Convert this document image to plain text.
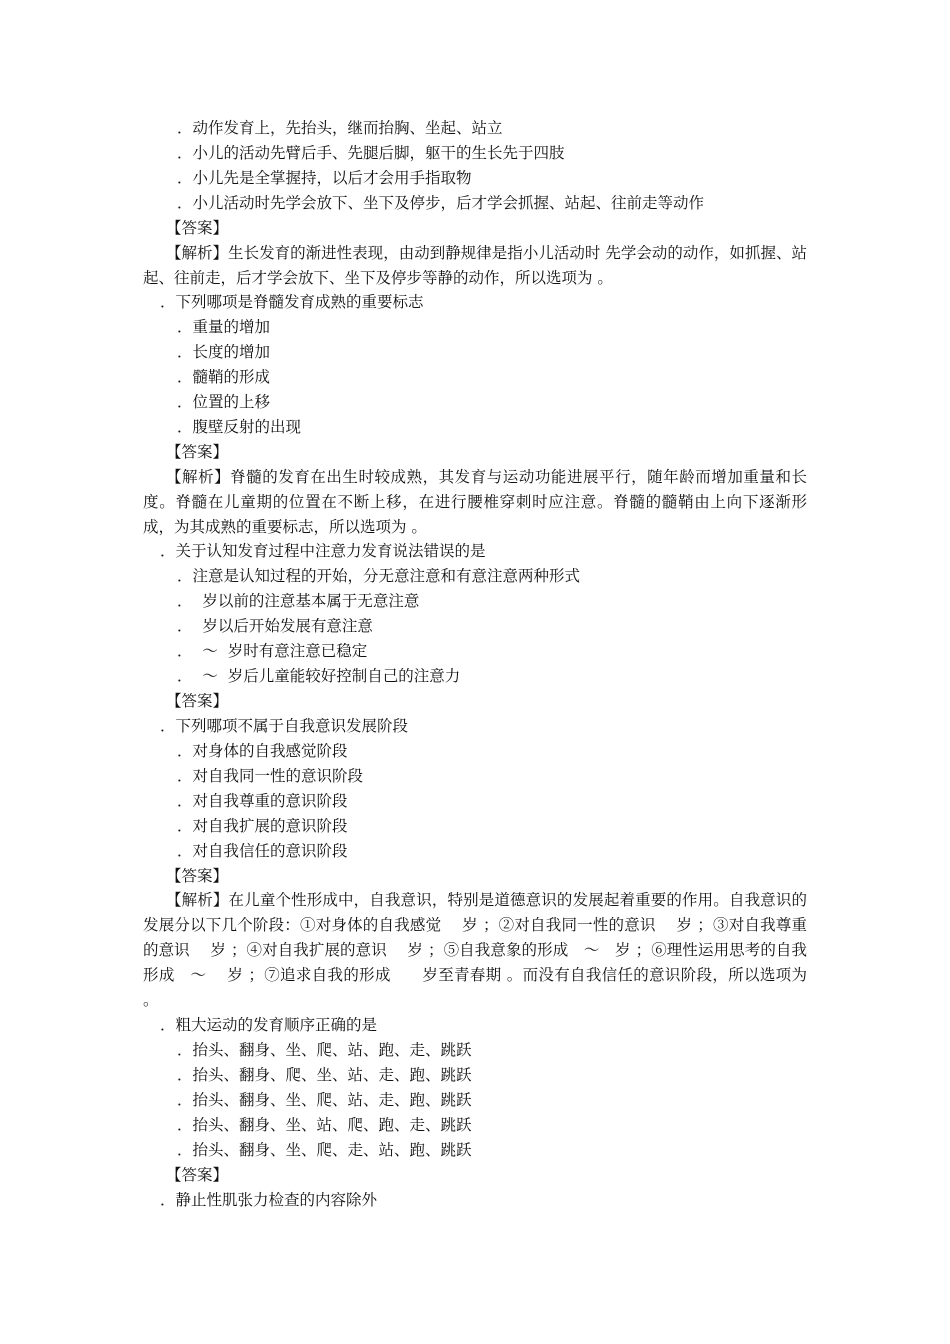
．动作发育上，先抬头，继而抬胸、坐起、站立
．小儿的活动先臂后手、先腿后脚，躯干的生长先于四肢
．小儿先是全掌握持，以后才会用手指取物
．小儿活动时先学会放下、坐下及停步，后才学会抓握、站起、往前走等动作
【答案】
【解析】生长发育的渐进性表现，由动到静规律是指小儿活动时 先学会动的动作，如抓握、站起、往前走，后才学会放下、坐下及停步等静的动作，所以选项为 。
．下列哪项是脊髓发育成熟的重要标志
．重量的增加
．长度的增加
．髓鞘的形成
．位置的上移
．腹壁反射的出现
【答案】
【解析】脊髓的发育在出生时较成熟，其发育与运动功能进展平行，随年龄而增加重量和长度。脊髓在儿童期的位置在不断上移，在进行腰椎穿刺时应注意。脊髓的髓鞘由上向下逐渐形成，为其成熟的重要标志，所以选项为 。
．关于认知发育过程中注意力发育说法错误的是
．注意是认知过程的开始，分无意注意和有意注意两种形式
．  岁以前的注意基本属于无意注意
．  岁以后开始发展有意注意
．  ～  岁时有意注意已稳定
．  ～  岁后儿童能较好控制自己的注意力
【答案】
．下列哪项不属于自我意识发展阶段
．对身体的自我感觉阶段
．对自我同一性的意识阶段
．对自我尊重的意识阶段
．对自我扩展的意识阶段
．对自我信任的意识阶段
【答案】
【解析】在儿童个性形成中，自我意识，特别是道德意识的发展起着重要的作用。自我意识的发展分以下几个阶段：①对身体的自我感觉　 岁 ；②对自我同一性的意识　 岁 ；③对自我尊重的意识　 岁 ；④对自我扩展的意识　 岁 ；⑤自我意象的形成　～　岁 ；⑥理性运用思考的自我形成　～　 岁 ；⑦追求自我的形成　　岁至青春期 。而没有自我信任的意识阶段，所以选项为 。
．粗大运动的发育顺序正确的是
．抬头、翻身、坐、爬、站、跑、走、跳跃
．抬头、翻身、爬、坐、站、走、跑、跳跃
．抬头、翻身、坐、爬、站、走、跑、跳跃
．抬头、翻身、坐、站、爬、跑、走、跳跃
．抬头、翻身、坐、爬、走、站、跑、跳跃
【答案】
．静止性肌张力检查的内容除外
